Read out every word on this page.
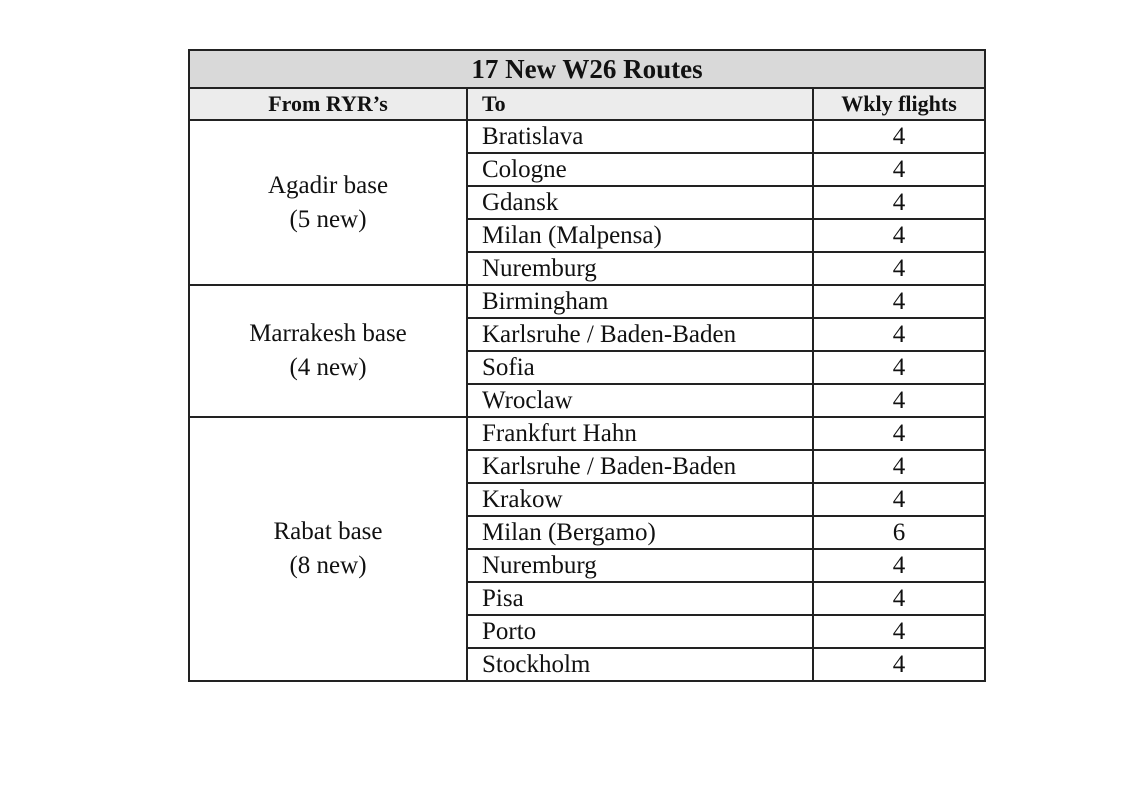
17 New W26 Routes		
From RYR’s	To	Wkly flights

Agadir base
(5 new)	Bratislava	4
	Cologne	4
	Gdansk	4
	Milan (Malpensa)	4
	Nuremburg	4

Marrakesh base
(4 new)	Birmingham	4
	Karlsruhe / Baden-Baden	4
	Sofia	4
	Wroclaw	4

Rabat base
(8 new)	Frankfurt Hahn	4
	Karlsruhe / Baden-Baden	4
	Krakow	4
	Milan (Bergamo)	6
	Nuremburg	4
	Pisa	4
	Porto	4
	Stockholm	4
